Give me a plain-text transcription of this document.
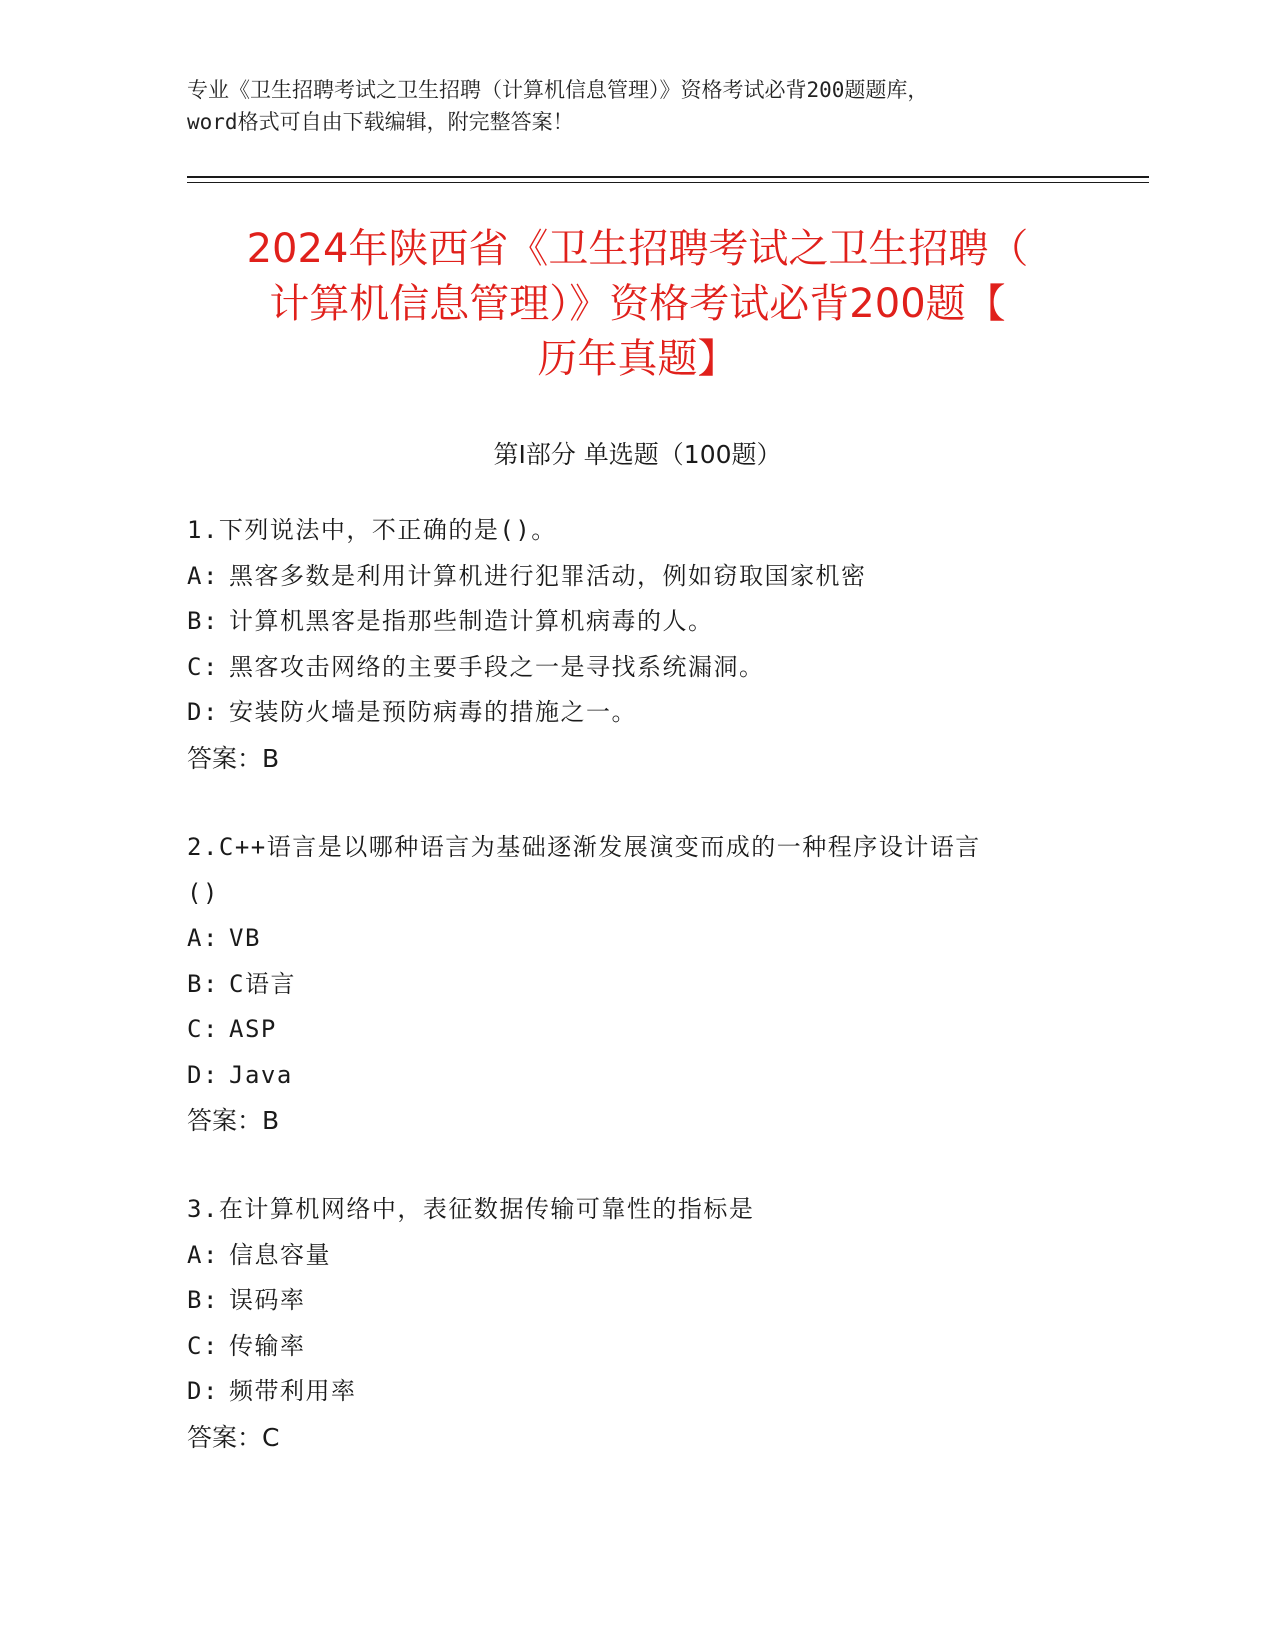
专业《卫生招聘考试之卫生招聘（计算机信息管理）》资格考试必背200题题库，
word格式可自由下载编辑，附完整答案！
2024年陕西省《卫生招聘考试之卫生招聘（
计算机信息管理）》资格考试必背200题【
历年真题】
第Ⅰ部分 单选题（100题）
1.下列说法中，不正确的是()。
A : 黑客多数是利用计算机进行犯罪活动，例如窃取国家机密
B : 计算机黑客是指那些制造计算机病毒的人。
C : 黑客攻击网络的主要手段之一是寻找系统漏洞。
D : 安装防火墙是预防病毒的措施之一。
答案：B
2.C++语言是以哪种语言为基础逐渐发展演变而成的一种程序设计语言
()
A : VB
B : C语言
C : ASP
D : Java
答案：B
3.在计算机网络中，表征数据传输可靠性的指标是
A : 信息容量
B : 误码率
C : 传输率
D : 频带利用率
答案：C
